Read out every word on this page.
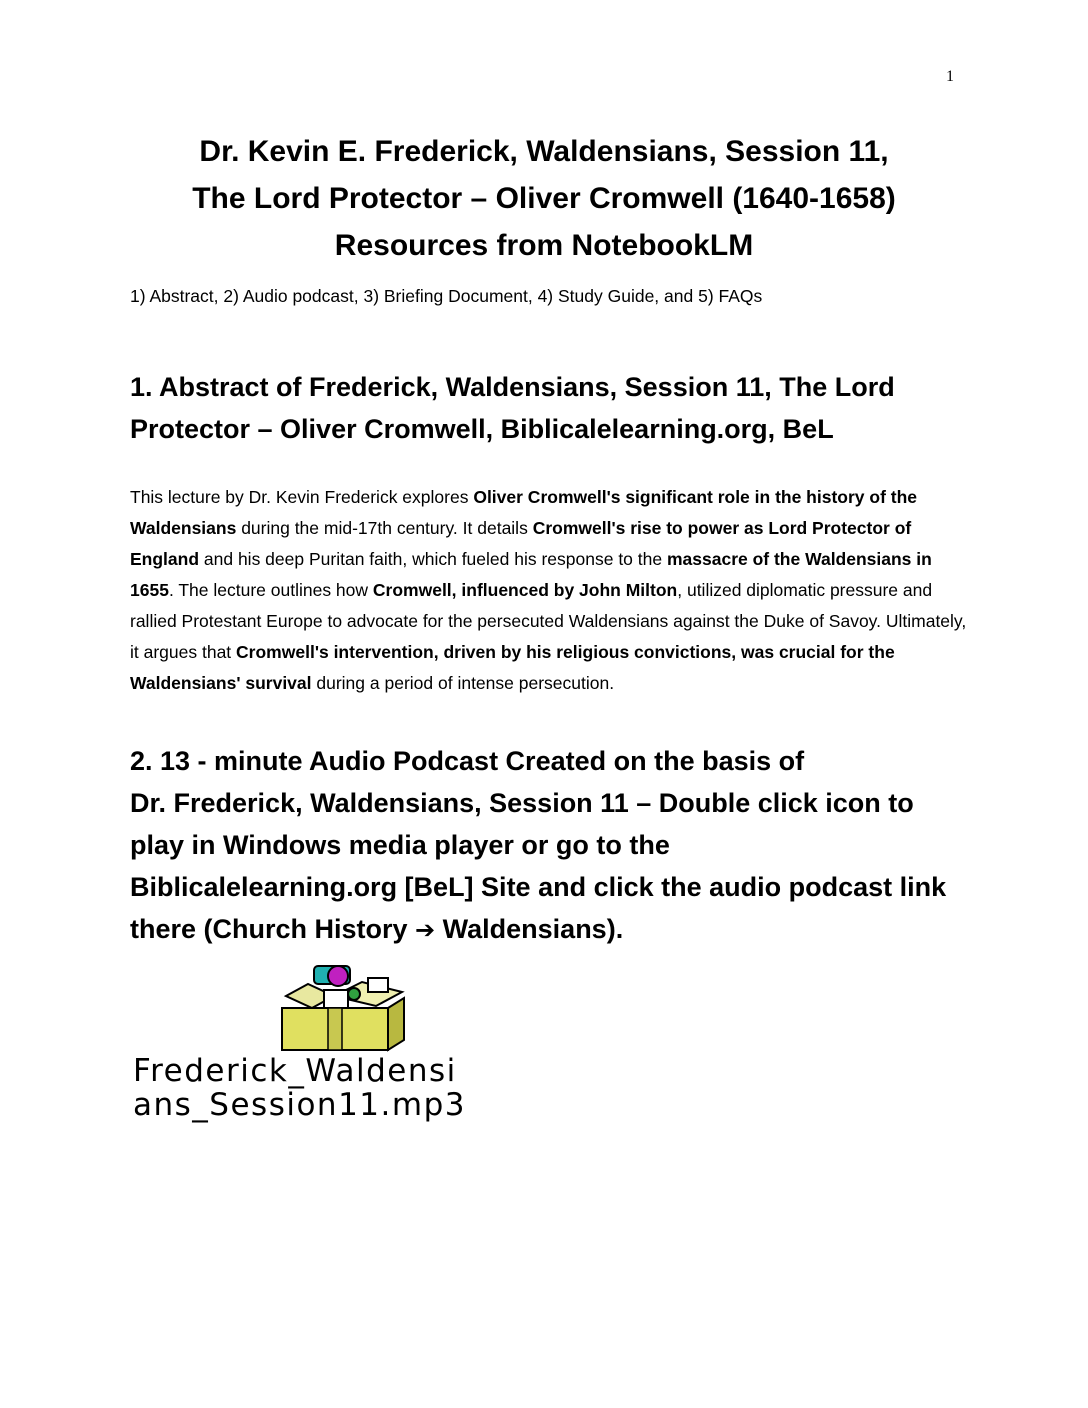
1
Dr. Kevin E. Frederick, Waldensians, Session 11,
The Lord Protector – Oliver Cromwell (1640-1658)
Resources from NotebookLM
1) Abstract, 2) Audio podcast, 3) Briefing Document, 4) Study Guide, and 5) FAQs
1. Abstract of Frederick, Waldensians, Session 11, The Lord
Protector – Oliver Cromwell, Biblicalelearning.org, BeL
This lecture by Dr. Kevin Frederick explores Oliver Cromwell's significant role in the history of the Waldensians during the mid-17th century. It details Cromwell's rise to power as Lord Protector of England and his deep Puritan faith, which fueled his response to the massacre of the Waldensians in 1655. The lecture outlines how Cromwell, influenced by John Milton, utilized diplomatic pressure and rallied Protestant Europe to advocate for the persecuted Waldensians against the Duke of Savoy. Ultimately, it argues that Cromwell's intervention, driven by his religious convictions, was crucial for the Waldensians' survival during a period of intense persecution.
2. 13 - minute Audio Podcast Created on the basis of
Dr. Frederick, Waldensians, Session 11 – Double click icon to
play in Windows media player or go to the
Biblicalelearning.org [BeL] Site and click the audio podcast link
there (Church History ➔ Waldensians).
Frederick_Waldensi
ans_Session11.mp3
